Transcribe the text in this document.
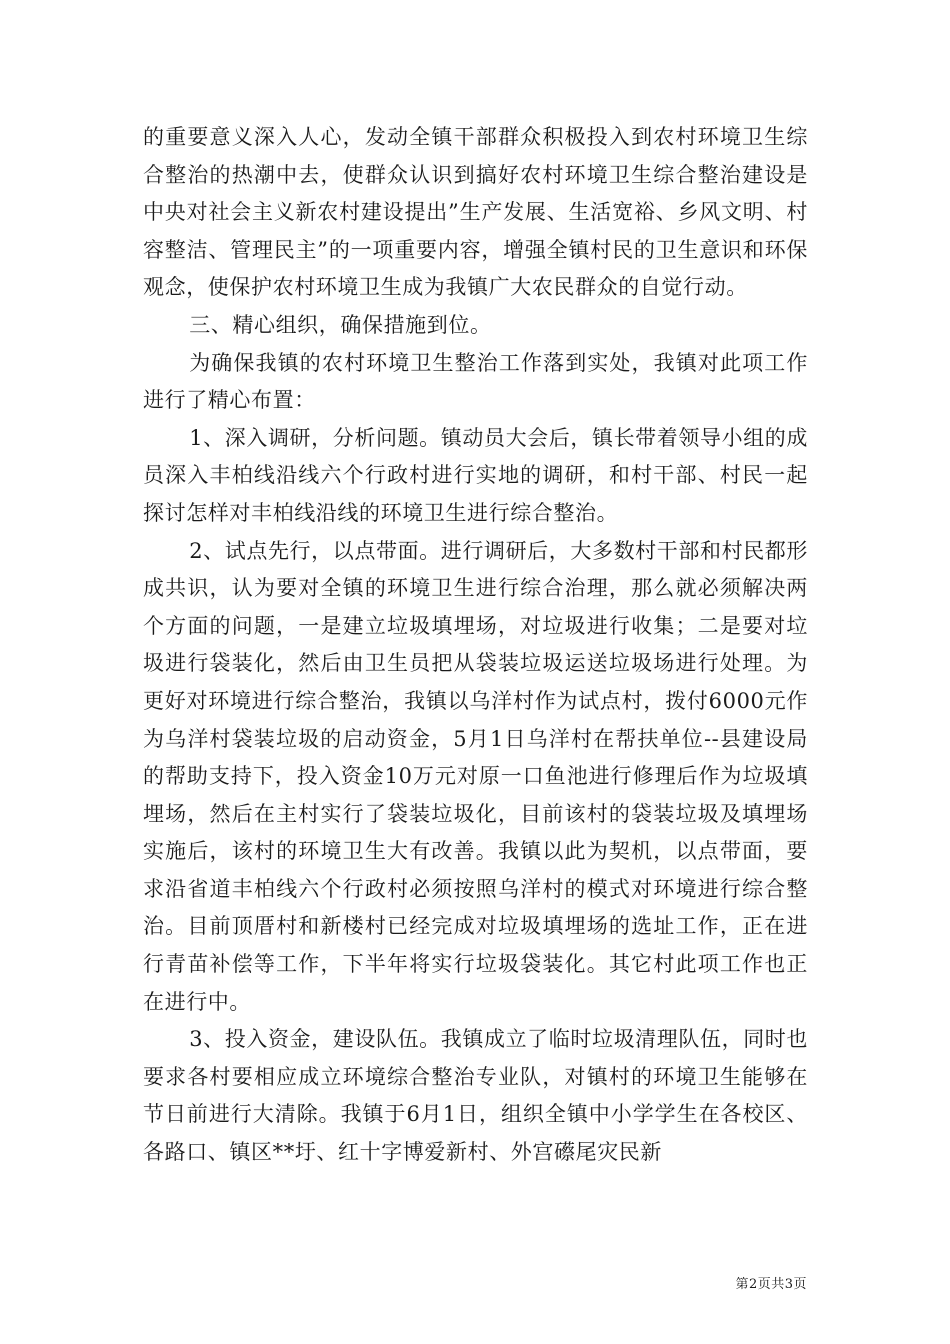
的重要意义深入人心，发动全镇干部群众积极投入到农村环境卫生综合整治的热潮中去，使群众认识到搞好农村环境卫生综合整治建设是中央对社会主义新农村建设提出”生产发展、生活宽裕、乡风文明、村容整洁、管理民主”的一项重要内容，增强全镇村民的卫生意识和环保观念，使保护农村环境卫生成为我镇广大农民群众的自觉行动。

三、精心组织，确保措施到位。

为确保我镇的农村环境卫生整治工作落到实处，我镇对此项工作进行了精心布置：

1、深入调研，分析问题。镇动员大会后，镇长带着领导小组的成员深入丰柏线沿线六个行政村进行实地的调研，和村干部、村民一起探讨怎样对丰柏线沿线的环境卫生进行综合整治。

2、试点先行，以点带面。进行调研后，大多数村干部和村民都形成共识，认为要对全镇的环境卫生进行综合治理，那么就必须解决两个方面的问题，一是建立垃圾填埋场，对垃圾进行收集；二是要对垃圾进行袋装化，然后由卫生员把从袋装垃圾运送垃圾场进行处理。为更好对环境进行综合整治，我镇以乌洋村作为试点村，拨付6000元作为乌洋村袋装垃圾的启动资金，5月1日乌洋村在帮扶单位--县建设局的帮助支持下，投入资金10万元对原一口鱼池进行修理后作为垃圾填埋场，然后在主村实行了袋装垃圾化，目前该村的袋装垃圾及填埋场实施后，该村的环境卫生大有改善。我镇以此为契机，以点带面，要求沿省道丰柏线六个行政村必须按照乌洋村的模式对环境进行综合整治。目前顶厝村和新楼村已经完成对垃圾填埋场的选址工作，正在进行青苗补偿等工作，下半年将实行垃圾袋装化。其它村此项工作也正在进行中。

3、投入资金，建设队伍。我镇成立了临时垃圾清理队伍，同时也要求各村要相应成立环境综合整治专业队，对镇村的环境卫生能够在节日前进行大清除。我镇于6月1日，组织全镇中小学学生在各校区、各路口、镇区**圩、红十字博爱新村、外宫礤尾灾民新

第2页共3页
